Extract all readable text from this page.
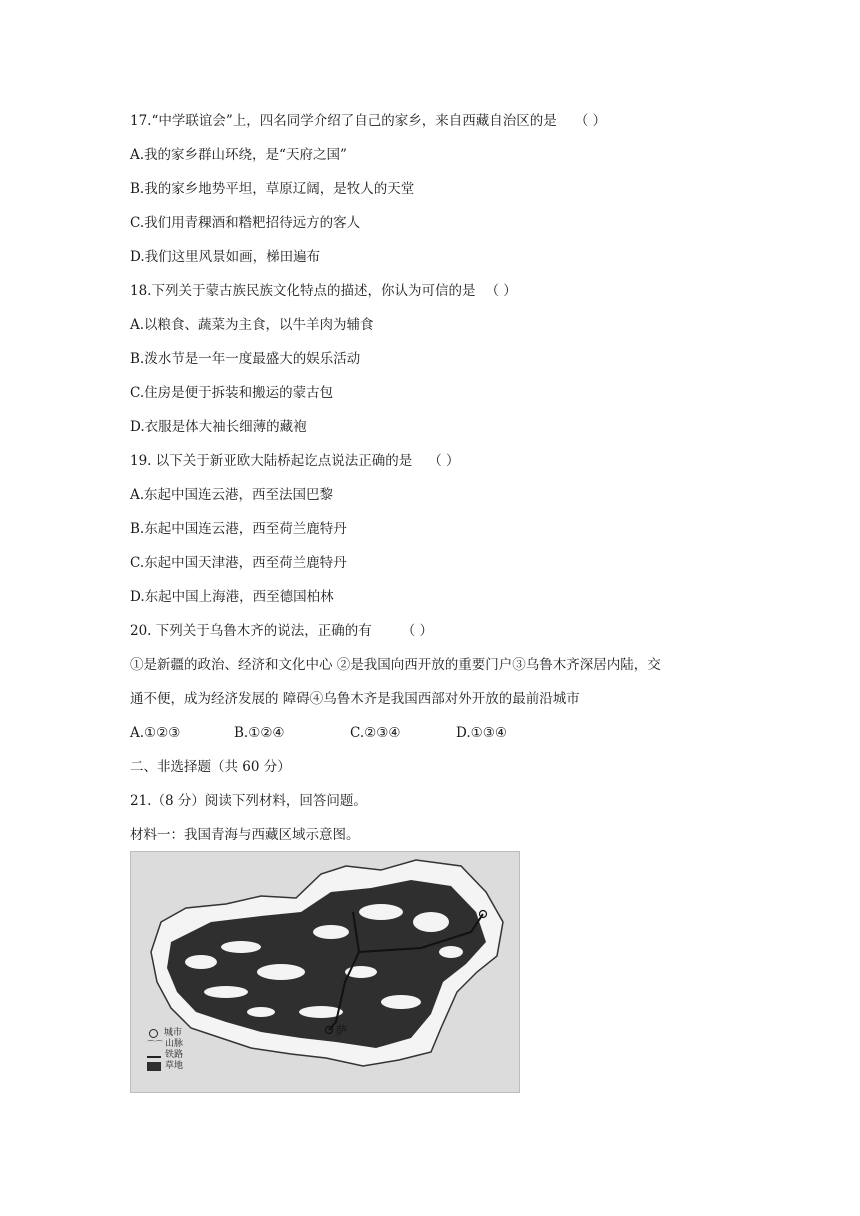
17.“中学联谊会”上，四名同学介绍了自己的家乡，来自西藏自治区的是 （ ）
A.我的家乡群山环绕，是“天府之国”
B.我的家乡地势平坦，草原辽阔，是牧人的天堂
C.我们用青稞酒和糌粑招待远方的客人
D.我们这里风景如画，梯田遍布
18.下列关于蒙古族民族文化特点的描述，你认为可信的是 （ ）
A.以粮食、蔬菜为主食，以牛羊肉为辅食
B.泼水节是一年一度最盛大的娱乐活动
C.住房是便于拆装和搬运的蒙古包
D.衣服是体大袖长细薄的藏袍
19. 以下关于新亚欧大陆桥起讫点说法正确的是 （ ）
A.东起中国连云港，西至法国巴黎
B.东起中国连云港，西至荷兰鹿特丹
C.东起中国天津港，西至荷兰鹿特丹
D.东起中国上海港，西至德国柏林
20. 下列关于乌鲁木齐的说法，正确的有 （ ）
①是新疆的政治、经济和文化中心 ②是我国向西开放的重要门户③乌鲁木齐深居内陆，交
通不便，成为经济发展的 障碍④乌鲁木齐是我国西部对外开放的最前沿城市
A.①②③	B.①②④	C.②③④	D.①③④
二、非选择题（共 60 分）
21.（8 分）阅读下列材料，回答问题。
材料一：我国青海与西藏区域示意图。
萨
城市
⌒⌒ 山脉
铁路
草地
